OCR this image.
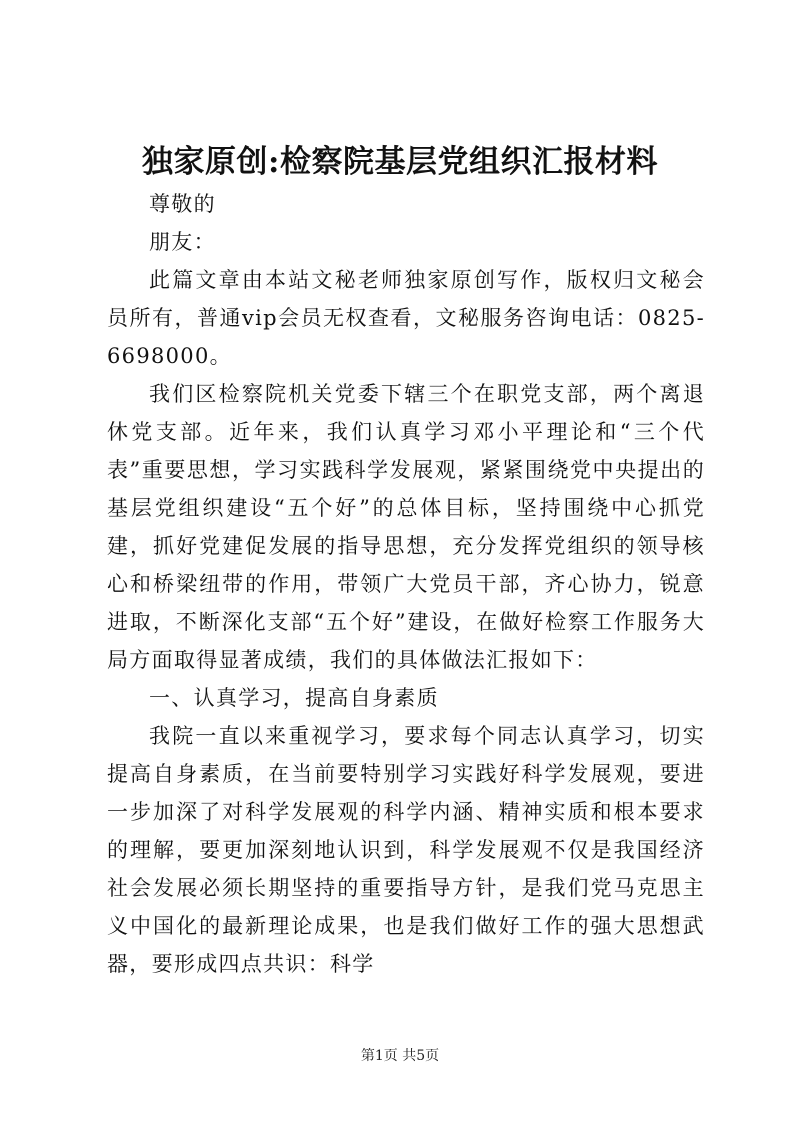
独家原创:检察院基层党组织汇报材料

尊敬的

朋友：

此篇文章由本站文秘老师独家原创写作，版权归文秘会员所有，普通vip会员无权查看，文秘服务咨询电话：0825-6698000。

我们区检察院机关党委下辖三个在职党支部，两个离退休党支部。近年来，我们认真学习邓小平理论和“三个代表”重要思想，学习实践科学发展观，紧紧围绕党中央提出的基层党组织建设“五个好”的总体目标，坚持围绕中心抓党建，抓好党建促发展的指导思想，充分发挥党组织的领导核心和桥梁纽带的作用，带领广大党员干部，齐心协力，锐意进取，不断深化支部“五个好”建设，在做好检察工作服务大局方面取得显著成绩，我们的具体做法汇报如下：

一、认真学习，提高自身素质

我院一直以来重视学习，要求每个同志认真学习，切实提高自身素质，在当前要特别学习实践好科学发展观，要进一步加深了对科学发展观的科学内涵、精神实质和根本要求的理解，要更加深刻地认识到，科学发展观不仅是我国经济社会发展必须长期坚持的重要指导方针，是我们党马克思主义中国化的最新理论成果，也是我们做好工作的强大思想武器，要形成四点共识：科学

第1页 共5页
